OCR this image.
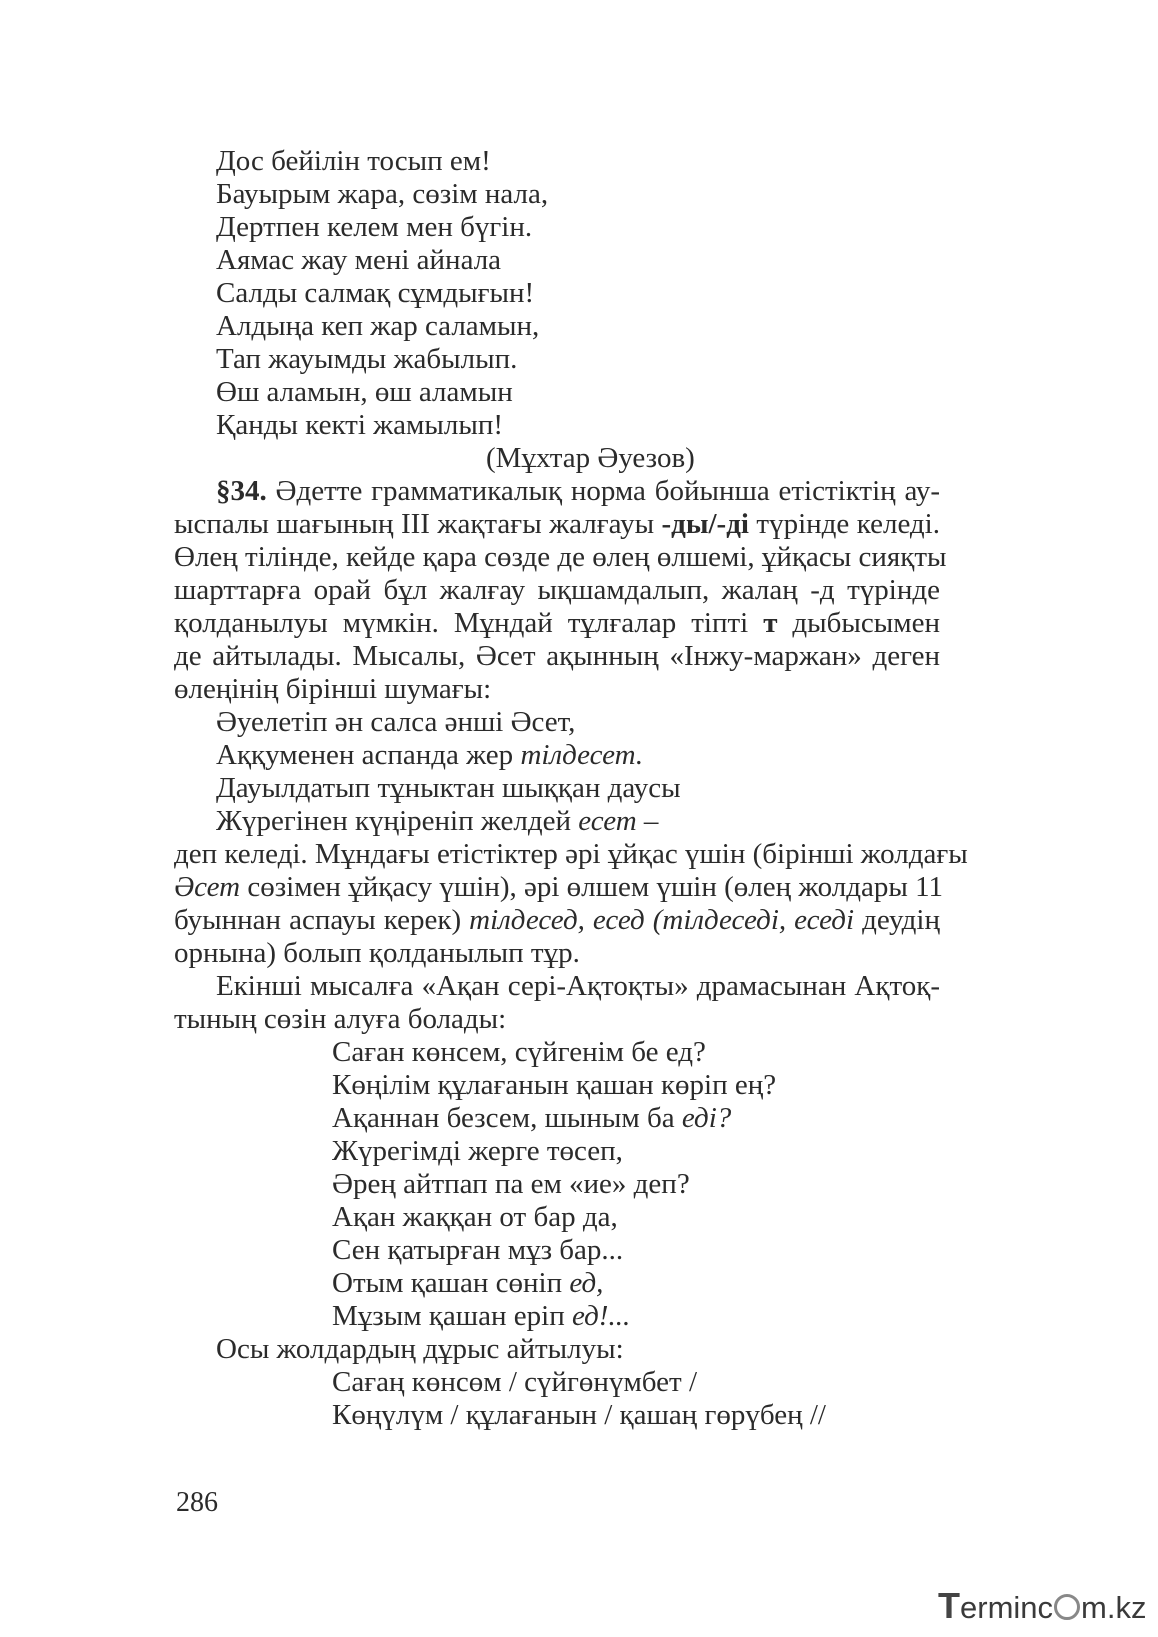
Дос бейілін тосып ем!
Бауырым жара, сөзім нала,
Дертпен келем мен бүгін.
Аямас жау мені айнала
Салды салмақ сұмдығын!
Алдыңа кеп жар саламын,
Тап жауымды жабылып.
Өш аламын, өш аламын
Қанды кекті жамылып!
(Мұхтар Әуезов)
§34. Әдетте грамматикалық норма бойынша етістіктің ау-
ыспалы шағының ІІІ жақтағы жалғауы -ды/-ді түрінде келеді.
Өлең тілінде, кейде қара сөзде де өлең өлшемі, ұйқасы сияқты
шарттарға орай бұл жалғау ықшамдалып, жалаң -д түрінде
қолданылуы мүмкін. Мұндай тұлғалар тіпті т дыбысымен
де айтылады. Мысалы, Әсет ақынның «Інжу-маржан» деген
өлеңінің бірінші шумағы:
Әуелетіп ән салса әнші Әсет,
Аққуменен аспанда жер тілдесет.
Дауылдатып тұныктан шыққан даусы
Жүрегінен күңіреніп желдей есет –
деп келеді. Мұндағы етістіктер әрі ұйқас үшін (бірінші жолдағы
Әсет сөзімен ұйқасу үшін), әрі өлшем үшін (өлең жолдары 11
буыннан аспауы керек) тілдесед, есед (тілдеседі, еседі деудің
орнына) болып қолданылып тұр.
Екінші мысалға «Ақан сері-Ақтоқты» драмасынан Ақтоқ-
тының сөзін алуға болады:
Саған көнсем, сүйгенім бе ед?
Көңілім құлағанын қашан көріп ең?
Ақаннан безсем, шыным ба еді?
Жүрегімді жерге төсеп,
Әрең айтпап па ем «ие» деп?
Ақан жаққан от бар да,
Сен қатырған мұз бар...
Отым қашан сөніп ед,
Мұзым қашан еріп ед!...
Осы жолдардың дұрыс айтылуы:
Сағаң көнсөм / сүйгөнүмбет /
Көңүлүм / құлағанын / қашаң гөрүбең //
286
Terminc m.kz
